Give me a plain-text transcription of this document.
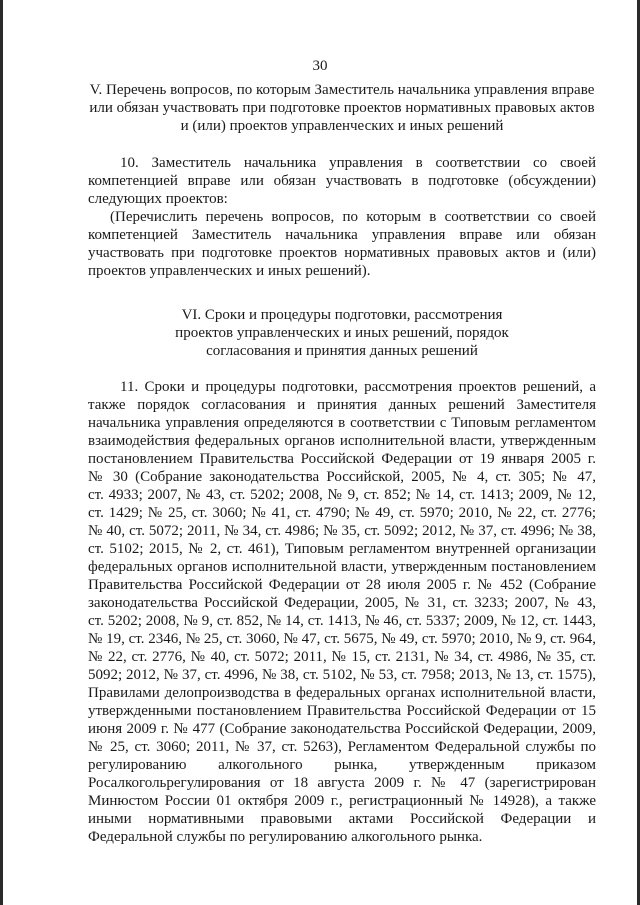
30
V. Перечень вопросов, по которым Заместитель начальника управления вправе
или обязан участвовать при подготовке проектов нормативных правовых актов
и (или) проектов управленческих и иных решений
10. Заместитель начальника управления в соответствии со своей
компетенцией вправе или обязан участвовать в подготовке (обсуждении)
следующих проектов:
(Перечислить перечень вопросов, по которым в соответствии со своей
компетенцией Заместитель начальника управления вправе или обязан
участвовать при подготовке проектов нормативных правовых актов и (или)
проектов управленческих и иных решений).
VI. Сроки и процедуры подготовки, рассмотрения
проектов управленческих и иных решений, порядок
согласования и принятия данных решений
11. Сроки и процедуры подготовки, рассмотрения проектов решений, а
также порядок согласования и принятия данных решений Заместителя
начальника управления определяются в соответствии с Типовым регламентом
взаимодействия федеральных органов исполнительной власти, утвержденным
постановлением Правительства Российской Федерации от 19 января 2005 г.
№ 30 (Собрание законодательства Российской, 2005, № 4, ст. 305; № 47,
ст. 4933; 2007, № 43, ст. 5202; 2008, № 9, ст. 852; № 14, ст. 1413; 2009, № 12,
ст. 1429; № 25, ст. 3060; № 41, ст. 4790; № 49, ст. 5970; 2010, № 22, ст. 2776;
№ 40, ст. 5072; 2011, № 34, ст. 4986; № 35, ст. 5092; 2012, № 37, ст. 4996; № 38,
ст. 5102; 2015, № 2, ст. 461), Типовым регламентом внутренней организации
федеральных органов исполнительной власти, утвержденным постановлением
Правительства Российской Федерации от 28 июля 2005 г. № 452 (Собрание
законодательства Российской Федерации, 2005, № 31, ст. 3233; 2007, № 43,
ст. 5202; 2008, № 9, ст. 852, № 14, ст. 1413, № 46, ст. 5337; 2009, № 12, ст. 1443,
№ 19, ст. 2346, № 25, ст. 3060, № 47, ст. 5675, № 49, ст. 5970; 2010, № 9, ст. 964,
№ 22, ст. 2776, № 40, ст. 5072; 2011, № 15, ст. 2131, № 34, ст. 4986, № 35, ст.
5092; 2012, № 37, ст. 4996, № 38, ст. 5102, № 53, ст. 7958; 2013, № 13, ст. 1575),
Правилами делопроизводства в федеральных органах исполнительной власти,
утвержденными постановлением Правительства Российской Федерации от 15
июня 2009 г. № 477 (Собрание законодательства Российской Федерации, 2009,
№ 25, ст. 3060; 2011, № 37, ст. 5263), Регламентом Федеральной службы по
регулированию алкогольного рынка, утвержденным приказом
Росалкогольрегулирования от 18 августа 2009 г. № 47 (зарегистрирован
Минюстом России 01 октября 2009 г., регистрационный № 14928), а также
иными нормативными правовыми актами Российской Федерации и
Федеральной службы по регулированию алкогольного рынка.
